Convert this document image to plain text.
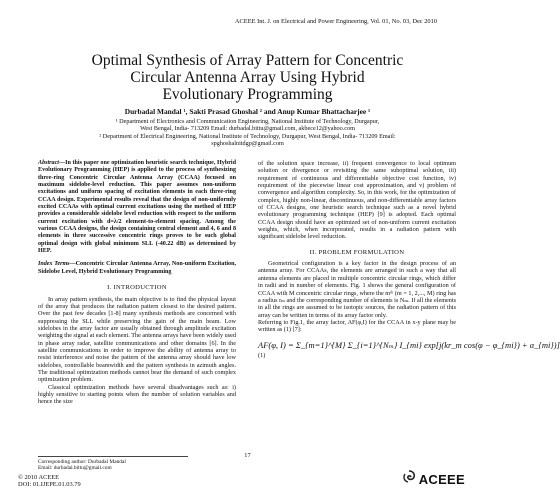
ACEEE Int. J. on Electrical and Power Engineering, Vol. 01, No. 03, Dec 2010
Optimal Synthesis of Array Pattern for Concentric
Circular Antenna Array Using Hybrid
Evolutionary Programming
Durbadal Mandal ¹, Sakti Prasad Ghoshal ² and Anup Kumar Bhattacharjee ¹
¹ Department of Electronics and Communication Engineering, National Institute of Technology, Durgapur,
West Bengal, India- 713209 Email: durbadal.bittu@gmail.com, akbece12@yahoo.com
² Department of Electrical Engineering, National Institute of Technology, Durgapur, West Bengal, India- 713209 Email:
spghoshalnitdgp@gmail.com

Abstract—In this paper one optimization heuristic search technique, Hybrid Evolutionary Programming (HEP) is applied to the process of synthesizing three-ring Concentric Circular Antenna Array (CCAA) focused on maximum sidelobe-level reduction. This paper assumes non-uniform excitations and uniform spacing of excitation elements in each three-ring CCAA design. Experimental results reveal that the design of non-uniformly excited CCAAs with optimal current excitations using the method of HEP provides a considerable sidelobe level reduction with respect to the uniform current excitation with d=λ/2 element-to-element spacing. Among the various CCAA designs, the design containing central element and 4, 6 and 8 elements in three successive concentric rings proves to be such global optimal design with global minimum SLL (-40.22 dB) as determined by HEP.

Index Terms—Concentric Circular Antenna Array, Non-uniform Excitation, Sidelobe Level, Hybrid Evolutionary Programming

I. INTRODUCTION

In array pattern synthesis, the main objective is to find the physical layout of the array that produces the radiation pattern closest to the desired pattern. Over the past few decades [1-8] many synthesis methods are concerned with suppressing the SLL while preserving the gain of the main beam. Low sidelobes in the array factor are usually obtained through amplitude excitation weighting the signal at each element. The antenna arrays have been widely used in phase array radar, satellite communications and other domains [6]. In the satellite communications in order to improve the ability of antenna array to resist interference and noise the pattern of the antenna array should have low sidelobes, controllable beamwidth and the pattern synthesis in azimuth angles. The traditional optimization methods cannot bear the demand of such complex optimization problem.

Classical optimization methods have several disadvantages such as: i) highly sensitive to starting points when the number of solution variables and hence the size

of the solution space increase, ii) frequent convergence to local optimum solution or divergence or revisiting the same suboptimal solution, iii) requirement of continuous and differentiable objective cost function, iv) requirement of the piecewise linear cost approximation, and v) problem of convergence and algorithm complexity. So, in this work, for the optimization of complex, highly non-linear, discontinuous, and non-differentiable array factors of CCAA designs, one heuristic search technique such as a novel hybrid evolutionary programming technique (HEP) [9] is adopted. Each optimal CCAA design should have an optimized set of non-uniform current excitation weights, which, when incorporated, results in a radiation pattern with significant sidelobe level reduction.

II. PROBLEM FORMULATION

Geometrical configuration is a key factor in the design process of an antenna array. For CCAAs, the elements are arranged in such a way that all antenna elements are placed in multiple concentric circular rings, which differ in radii and in number of elements. Fig. 1 shows the general configuration of CCAA with M concentric circular rings, where the mᵗʰ (m = 1, 2,..., M) ring has a radius rₘ and the corresponding number of elements is Nₘ. If all the elements in all the rings are assumed to be isotopic sources, the radiation pattern of this array can be written in terms of its array factor only.

Referring to Fig.1, the array factor, AF(φ,I) for the CCAA in x-y plane may be written as (1) [7]:

AF(φ, I) = Σ_{m=1}^{M} Σ_{i=1}^{Nₘ} I_{mi} exp[j(kr_m cos(φ − φ_{mi}) + α_{mi})]
(1)
Corresponding author: Durbadal Mandal
Email: durbadal.bittu@gmail.com
17
© 2010 ACEEE
DOI: 01.IJEPE.01.03.79	ACEEE
